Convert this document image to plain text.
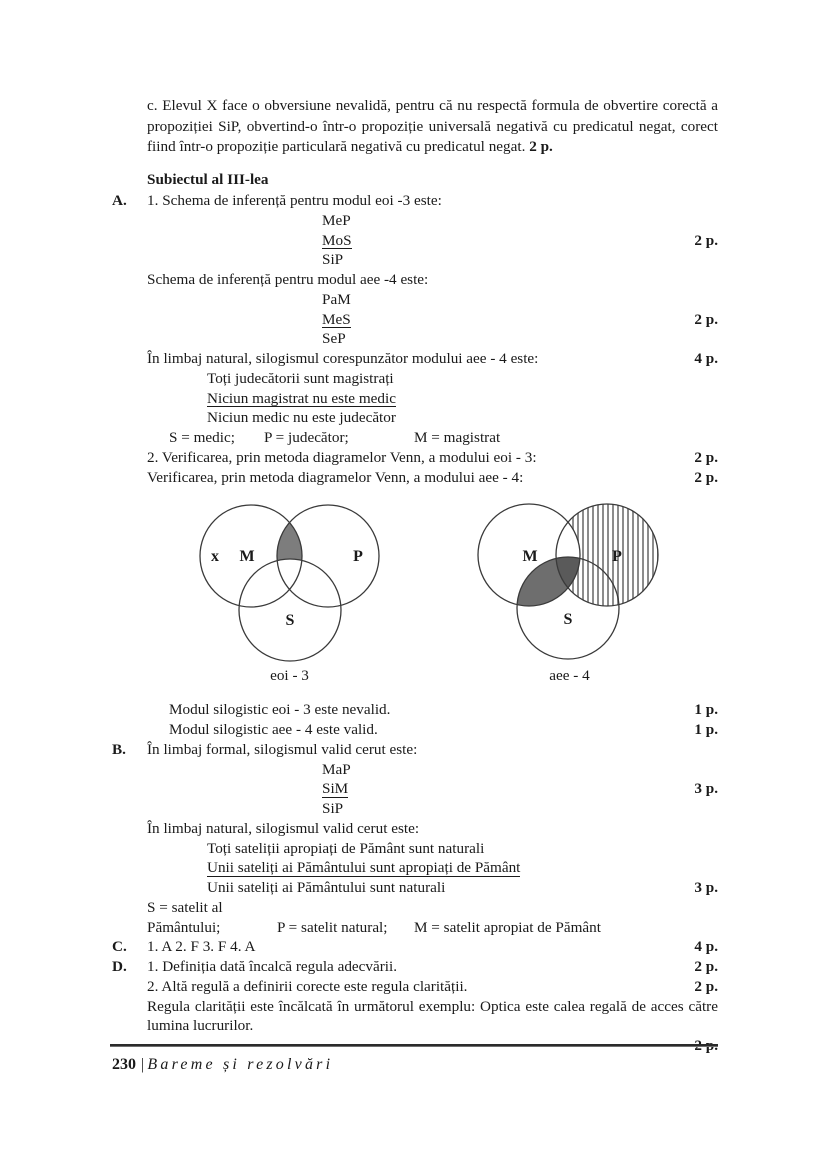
c. Elevul X face o obversiune nevalidă, pentru că nu respectă formula de obvertire corectă a propoziției SiP, obvertind-o într-o propoziție universală negativă cu predicatul negat, corect fiind într-o propoziție particulară negativă cu predicatul negat. 2 p.

Subiectul al III-lea
A.	1. Schema de inferență pentru modul eoi -3 este:
MeP
MoS	2 p.
SiP
Schema de inferență pentru modul aee -4 este:
PaM
MeS	2 p.
SeP
În limbaj natural, silogismul corespunzător modului aee - 4 este:	4 p.
Toți judecătorii sunt magistrați
Niciun magistrat nu este medic
Niciun medic nu este judecător
S = medic; P = judecător;	M = magistrat
2. Verificarea, prin metoda diagramelor Venn, a modului eoi - 3:	2 p.
Verificarea, prin metoda diagramelor Venn, a modului aee - 4:	2 p.
x M	P
S
M	P
S
eoi - 3	aee - 4
Modul silogistic eoi - 3 este nevalid.	1 p.
Modul silogistic aee - 4 este valid.	1 p.
B.	În limbaj formal, silogismul valid cerut este:
MaP
SiM	3 p.
SiP
În limbaj natural, silogismul valid cerut este:
Toți sateliții apropiați de Pământ sunt naturali
Unii sateliți ai Pământului sunt apropiați de Pământ
Unii sateliți ai Pământului sunt naturali	3 p.
S = satelit al Pământului;	P = satelit natural; M = satelit apropiat de Pământ
C.	1. A 2. F 3. F 4. A	4 p.
D.	1. Definiția dată încalcă regula adecvării.	2 p.
2. Altă regulă a definirii corecte este regula clarității.	2 p.
Regula clarității este încălcată în următorul exemplu: Optica este calea regală de acces către lumina lucrurilor.

2 p.
230 | Bareme și rezolvări
